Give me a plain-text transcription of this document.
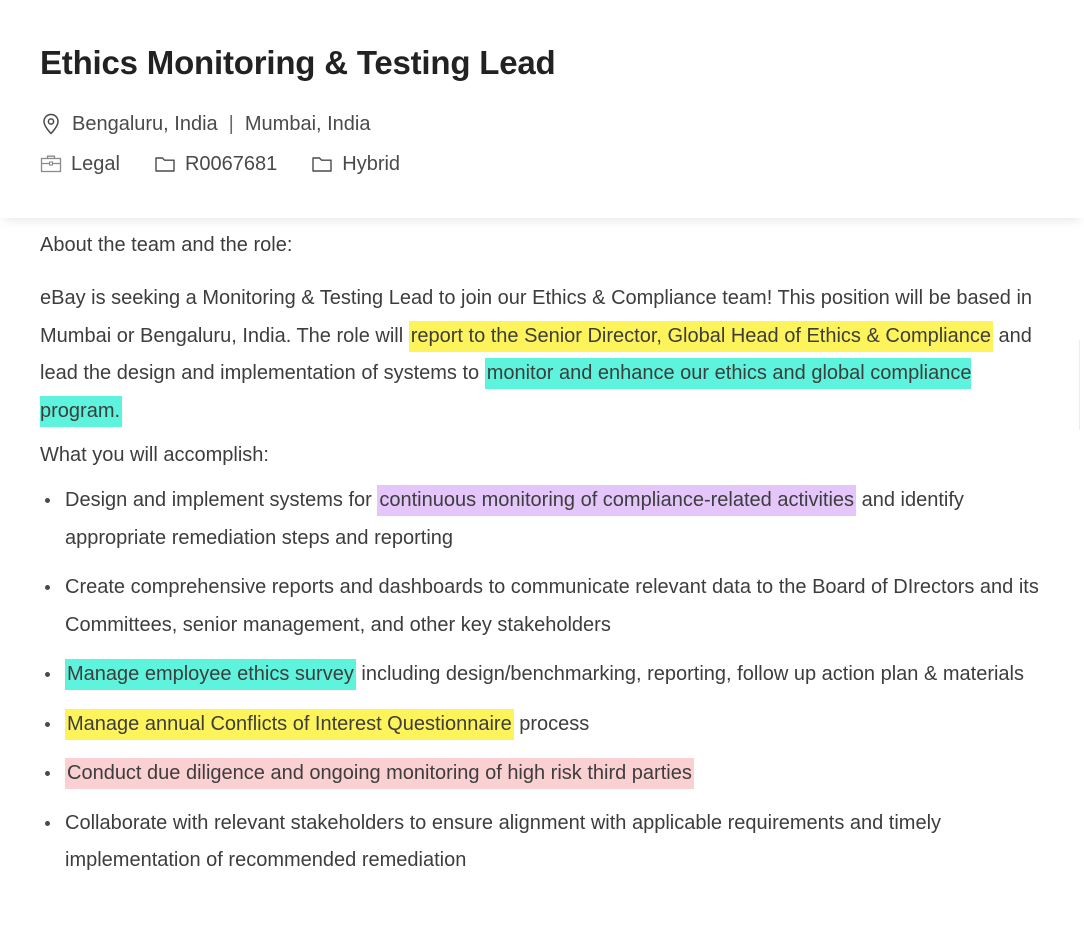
Ethics Monitoring & Testing Lead
Bengaluru, India | Mumbai, India
Legal	R0067681	Hybrid

About the team and the role:

eBay is seeking a Monitoring & Testing Lead to join our Ethics & Compliance team! This position will be based in Mumbai or Bengaluru, India. The role will report to the Senior Director, Global Head of Ethics & Compliance and lead the design and implementation of systems to monitor and enhance our ethics and global compliance program.

What you will accomplish:

Design and implement systems for continuous monitoring of compliance-related activities and identify appropriate remediation steps and reporting
Create comprehensive reports and dashboards to communicate relevant data to the Board of DIrectors and its Committees, senior management, and other key stakeholders
Manage employee ethics survey including design/benchmarking, reporting, follow up action plan & materials
Manage annual Conflicts of Interest Questionnaire process
Conduct due diligence and ongoing monitoring of high risk third parties
Collaborate with relevant stakeholders to ensure alignment with applicable requirements and timely implementation of recommended remediation
